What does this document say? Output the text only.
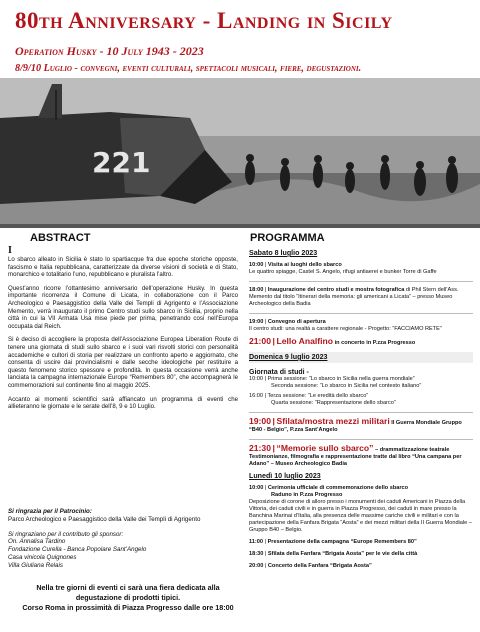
80th Anniversary - Landing in Sicily
Operation Husky - 10 July 1943 - 2023
8/9/10 Luglio - convegni, eventi culturali, spettacoli musicali, fiere, degustazioni.
221
ABSTRACT	PROGRAMMA
I

Lo sbarco alleato in Sicilia è stato lo spartiacque fra due epoche storiche opposte, fascismo e Italia repubblicana, caratterizzate da diverse visioni di società e di Stato, monarchico e totalitario l’uno, repubblicano e pluralista l’altro.

Quest’anno ricorre l’ottantesimo anniversario dell’operazione Husky. In questa importante ricorrenza il Comune di Licata, in collaborazione con il Parco Archeologico e Paesaggistico della Valle dei Templi di Agrigento e l’Associazione Memento, verrà inaugurato il primo Centro studi sullo sbarco in Sicilia, proprio nella città in cui la VII Armata Usa mise piede per prima, penetrando così nell’Europa occupata dal Reich.

Si è deciso di accogliere la proposta dell’Associazione Europea Liberation Route di tenere una giornata di studi sullo sbarco e i suoi vari risvolti storici con personalità accademiche e cultori di storia per realizzare un confronto aperto e aggiornato, che consenta di uscire dai provincialismi e dalle secche ideologiche per restituire a questo fenomeno storico spessore e profondità. In questa occasione verrà anche lanciata la campagna internazionale Europe “Remembers 80”, che accompagnerà le commemorazioni sul continente fino al maggio 2025.

Accanto ai momenti scientifici sarà affiancato un programma di eventi che allieteranno le giornate e le serate dell’8, 9 e 10 Luglio.

Si ringrazia per il Patrocinio:
Parco Archeologico e Paesaggistico della Valle dei Templi di Agrigento
Si ringraziano per il contributo gli sponsor:
On. Annalisa Tardino
Fondazione Curella - Banca Popolare Sant’Angelo
Casa vinicola Quignones
Villa Giuliana Relais
Nella tre giorni di eventi ci sarà una fiera dedicata alla
degustazione di prodotti tipici.
Corso Roma in prossimità di Piazza Progresso dalle ore 18:00
Sabato 8 luglio 2023
10:00 | Visita ai luoghi dello sbarco
Le quattro spiagge, Castel S. Angelo, rifugi antiaerei e bunker Torre di Gaffe
18:00 | Inaugurazione del centro studi e mostra fotografica di Phil Stern dell’Ass. Memento dal titolo “Itinerari della memoria: gli americani a Licata” – presso Museo Archeologico della Badia
19:00 | Convegno di apertura
Il centro studi: una realtà a carattere regionale - Progetto: “FACCIAMO RETE”
21:00 | Lello Analfino in concerto in P.zza Progresso
Domenica 9 luglio 2023
Giornata di studi -
10:00 | Prima sessione: “Lo sbarco in Sicilia nella guerra mondiale”
Seconda sessione: “Lo sbarco in Sicilia nel contesto italiano”
16:00 | Terza sessione: “Le eredità dello sbarco”
Quarta sessione: “Rappresentazione dello sbarco”
19:00 | Sfilata/mostra mezzi militari Il Guerra Mondiale Gruppo “B40 - Belgio”, P.zza Sant’Angelo
21:30 | “Memorie sullo sbarco” – drammatizzazione teatrale Testimonianze, filmografia e rappresentazione tratte dal libro “Una campana per Adano” – Museo Archeologico Badia
Lunedì 10 luglio 2023
10:00 | Cerimonia ufficiale di commemorazione dello sbarco
Raduno in P.zza Progresso
Deposizione di corone di alloro presso i monumenti dei caduti Americani in Piazza della Vittoria, dei caduti civili e in guerra in Piazza Progresso, dei caduti in mare presso la Banchina Marinai d’Italia, alla presenza delle massime cariche civili e militari e con la partecipazione della Fanfara Brigata “Aosta” e dei mezzi militari della II Guerra Mondiale – Gruppo B40 – Belgio.
11:00 | Presentazione della campagna “Europe Remembers 80”
18:30 | Sfilata della Fanfara “Brigata Aosta” per le vie della città
20:00 | Concerto della Fanfara “Brigata Aosta”
